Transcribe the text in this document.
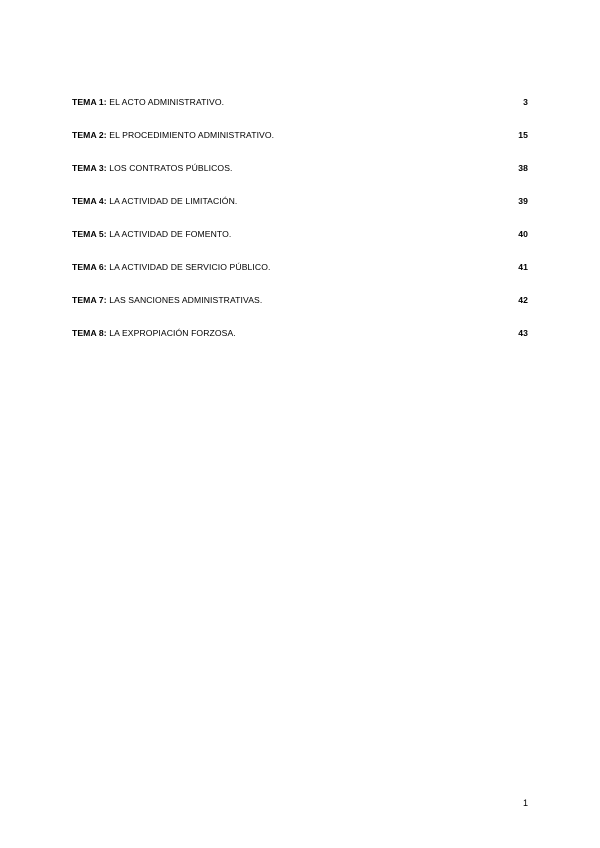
TEMA 1: EL ACTO ADMINISTRATIVO.	3
TEMA 2: EL PROCEDIMIENTO ADMINISTRATIVO.	15
TEMA 3: LOS CONTRATOS PÚBLICOS.	38
TEMA 4: LA ACTIVIDAD DE LIMITACIÓN.	39
TEMA 5: LA ACTIVIDAD DE FOMENTO.	40
TEMA 6: LA ACTIVIDAD DE SERVICIO PÚBLICO.	41
TEMA 7: LAS SANCIONES ADMINISTRATIVAS.	42
TEMA 8: LA EXPROPIACIÓN FORZOSA.	43
1
